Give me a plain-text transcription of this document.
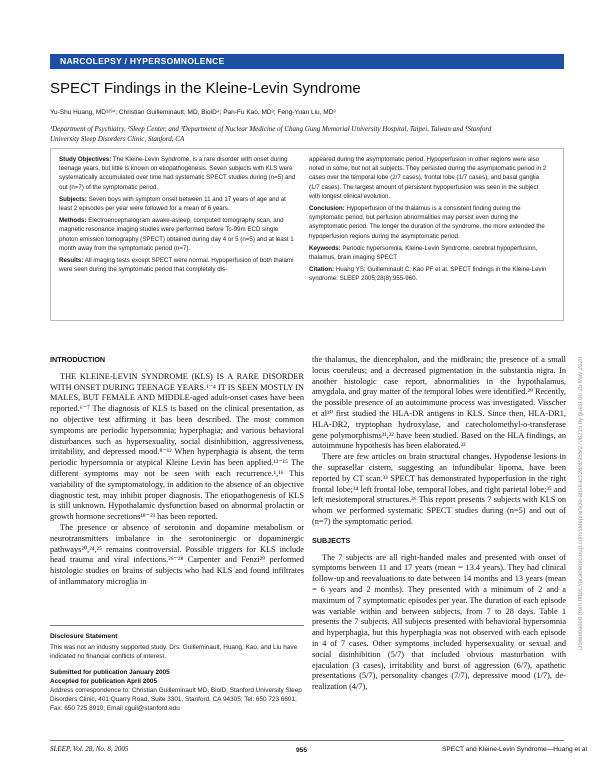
NARCOLEPSY / HYPERSOMNOLENCE
SPECT Findings in the Kleine-Levin Syndrome
Yu-Shu Huang, MD¹²³⁴; Christian Guilleminault, MD, BiolD⁴; Pan-Fu Kao, MD³; Feng-Yuan Liu, MD³
¹Department of Psychiatry, ²Sleep Center, and ³Department of Nuclear Medicine of Chang Gung Memorial University Hospital, Taipei, Taiwan and ⁴Stanford University Sleep Disorders Clinic, Stanford, CA

Study Objectives: The Kleine-Levin Syndrome, is a rare disorder with onset during teenage years, but little is known on etiopathogenesis. Seven subjects with KLS were systematically accumulated over time had systematic SPECT studies during (n=5) and out (n=7) of the symptomatic period.

Subjects: Seven boys with symptom onset between 11 and 17 years of age and at least 2 episodes per year were followed for a mean of 6 years.

Methods: Electroencephalogram awake-asleep, computed tomography scan, and magnetic resonance imaging studies were performed before Tc-99m ECD single photon emission tomography (SPECT) obtained during day 4 or 5 (n=5) and at least 1 month away from the symptomatic period (n=7).

Results: All imaging tests except SPECT were normal. Hypoperfusion of both thalami were seen during the symptomatic period that completely dis-

appeared during the asymptomatic period. Hypoperfusion in other regions were also noted in some, but not all subjects. They persisted during the asymptomatic period in 2 cases over the temporal lobe (2/7 cases), frontal lobe (1/7 cases), and basal ganglia (1/7 cases). The largest amount of persistent hypoperfusion was seen in the subject with longest clinical evolution.

Conclusion: Hypoperfusion of the thalamus is a consistent finding during the symptomatic period, but perfusion abnormalities may persist even during the asymptomatic period. The longer the duration of the syndrome, the more extended the hypoperfusion regions during the asymptomatic period.

Keywords: Periodic hypersomnia, Kleine-Levin Syndrome, cerebral hypoperfusion, thalamus, brain imaging SPECT

Citation: Huang YS; Guilleminault C; Kao PF et al. SPECT findings in the Kleine-Levin syndrome. SLEEP 2005;28(8):955-960.

INTRODUCTION

THE KLEINE-LEVIN SYNDROME (KLS) IS A RARE DISORDER WITH ONSET DURING TEENAGE YEARS.¹⁻⁴ IT IS SEEN MOSTLY IN MALES, BUT FEMALE AND MIDDLE-aged adult-onset cases have been reported.⁶⁻⁷ The diagnosis of KLS is based on the clinical presentation, as no objective test affirming it has been described. The most common symptoms are periodic hypersomnia; hyperphagia; and various behavioral disturbances such as hypersexuality, social disinhibition, aggressiveness, irritability, and depressed mood.⁸⁻¹² When hyperphagia is absent, the term periodic hypersomnia or atypical Kleine Levin has been applied.¹³⁻¹⁵ The different symptoms may not be seen with each recurrence.¹,¹⁶ This variability of the symptomatology, in addition to the absence of an objective diagnostic test, may inhibit proper diagnosis. The etiopathogenesis of KLS is still unknown. Hypothalamic dysfunction based on abnormal prolactin or growth hormone secretions¹⁸⁻²³ has been reported.

The presence or absence of serotonin and dopamine metabolism or neurotransmitters imbalance in the serotoninergic or dopaminergic pathways²⁰,²⁴,²⁵ remains controversial. Possible triggers for KLS include head trauma and viral infections.²⁶⁻²⁸ Carpenter and Fenzi²⁹ performed histologic studies on brains of subjects who had KLS and found infiltrates of inflammatory microglia in

Disclosure Statement
This was not an industry supported study. Drs. Guilleminault, Huang, Kao, and Liu have indicated no financial conflicts of interest.
Submitted for publication January 2005
Accepted for publication April 2005
Address correspondence to: Christian Guilleminault MD, BiolD, Stanford University Sleep Disorders Clinic, 401 Quarry Road, Suite 3301, Stanford, CA 94305; Tel: 650 723 6601; Fax: 650 725 8910; Email cguil@stanford.edu

the thalamus, the diencephalon, and the midbrain; the presence of a small locus coeruleus; and a decreased pigmentation in the substantia nigra. In another histologic case report, abnormalities in the hypothalamus, amygdala, and gray matter of the temporal lobes were identified.²⁹ Recently, the possible presence of an autoimmune process was investigated. Visscher et al³⁰ first studied the HLA-DR antigens in KLS. Since then, HLA-DR1, HLA-DR2, tryptophan hydroxylase, and catecholomethyl-o-transferase gene polymorphisms³¹,³² have been studied. Based on the HLA findings, an autoimmune hypothesis has been elaborated.³²

There are few articles on brain structural changes. Hypodense lesions in the suprasellar cistern, suggesting an infundibular lipoma, have been reported by CT scan.³³ SPECT has demonstrated hypoperfusion in the right frontal lobe;³⁴ left frontal lobe, temporal lobes, and right parietal lobe;³⁵ and left mesiotemporal structures.³⁶ This report presents 7 subjects with KLS on whom we performed systematic SPECT studies during (n=5) and out of (n=7) the symptomatic period.

SUBJECTS

The 7 subjects are all right-handed males and presented with onset of symptoms between 11 and 17 years (mean = 13.4 years). They had clinical follow-up and reevaluations to date between 14 months and 13 years (mean = 6 years and 2 months). They presented with a minimum of 2 and a maximum of 7 symptomatic episodes per year. The duration of each episode was variable within and between subjects, from 7 to 28 days. Table 1 presents the 7 subjects. All subjects presented with behavioral hypersomnia and hyperphagia, but this hyperphagia was not observed with each episode in 4 of 7 cases. Other symptoms included hypersexuality or sexual and social disinhibition (5/7) that included obvious masturbation with ejaculation (3 cases), irritability and burst of aggression (6/7), apathetic presentations (5/7), personality changes (7/7), depressive mood (1/7), de-realization (4/7),

SLEEP, Vol. 28, No. 8, 2005	955	SPECT and Kleine-Levin Syndrome—Huang et al
Downloaded from https://academic.oup.com/sleep/article-abstract/28/8/955/2708215 by guest on 25 May 2020
